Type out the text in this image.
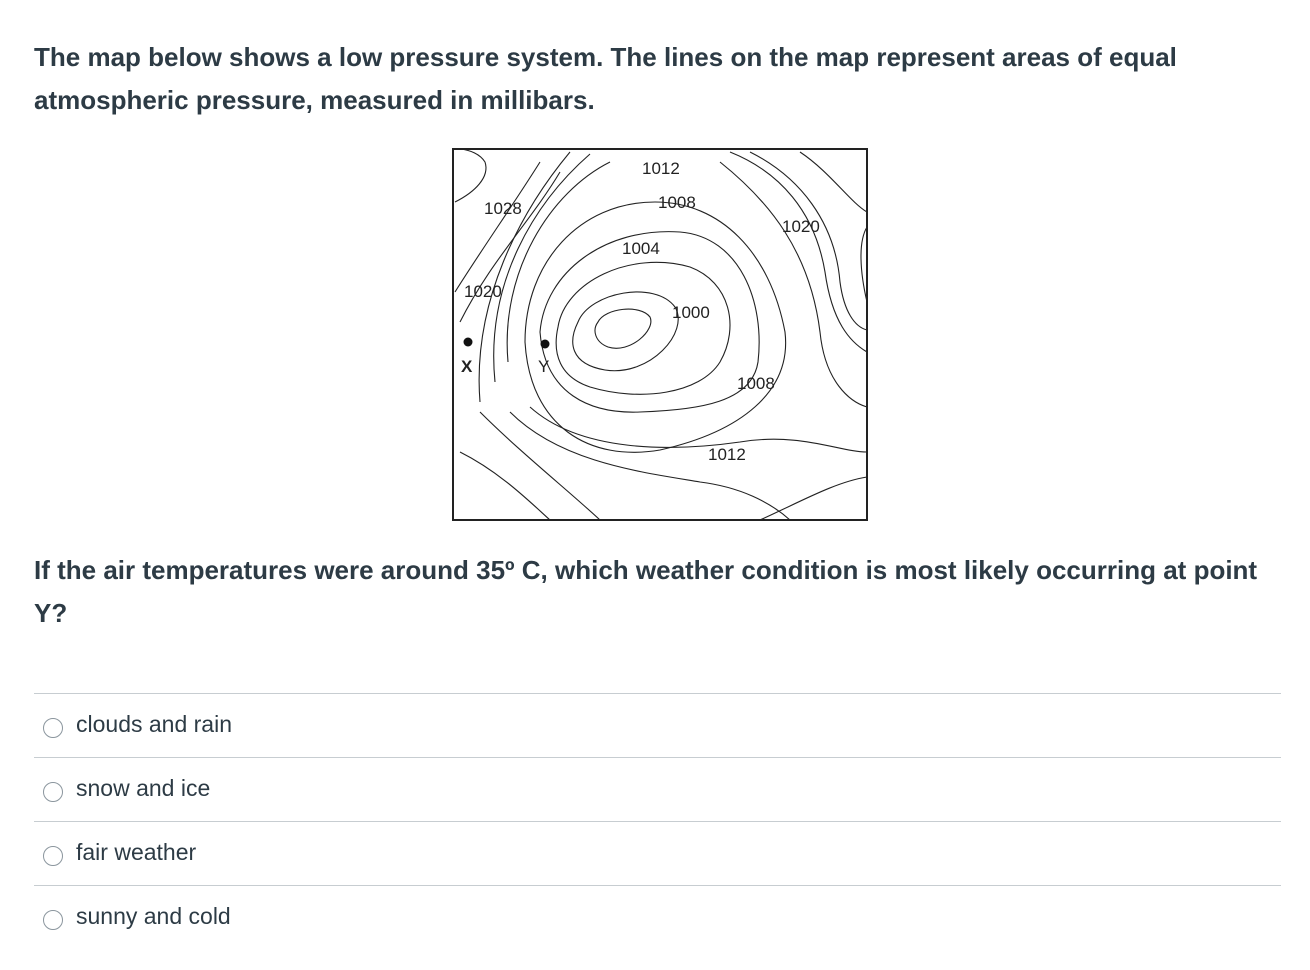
The map below shows a low pressure system. The lines on the map represent areas of equal atmospheric pressure, measured in millibars.

X	Y
1012
1008
1028
1020
1004
1020
1000
1008
1012

If the air temperatures were around 35º C, which weather condition is most likely occurring at point Y?

clouds and rain
snow and ice
fair weather
sunny and cold
